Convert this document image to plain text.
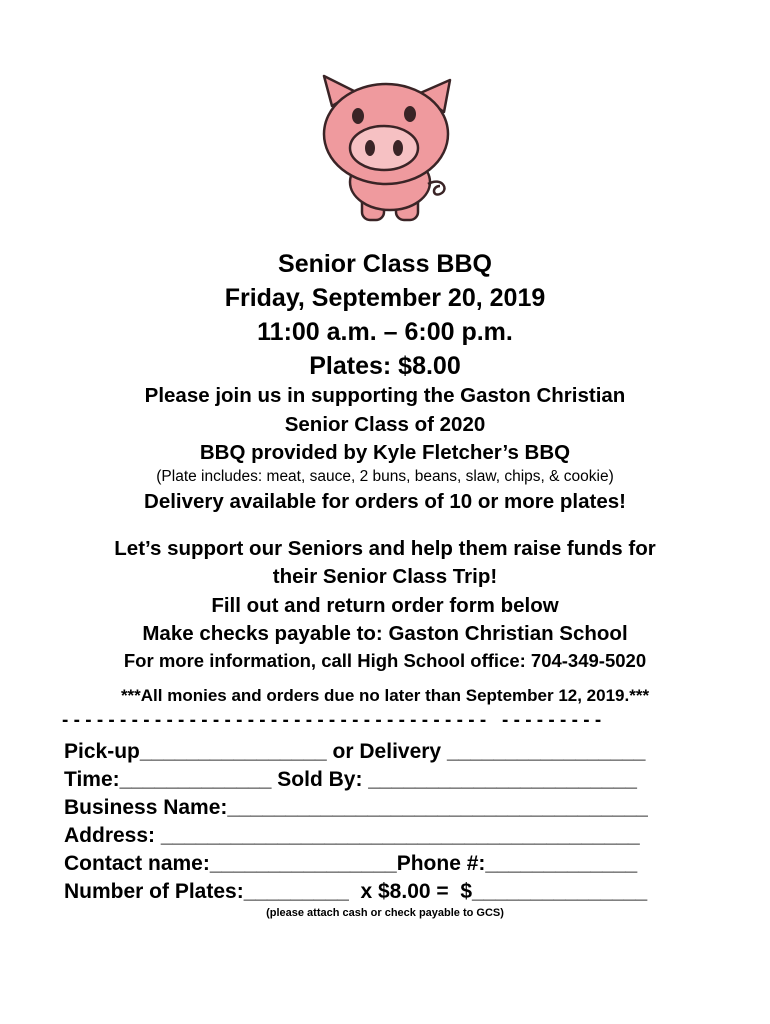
Senior Class BBQ
Friday, September 20, 2019
11:00 a.m. – 6:00 p.m.
Plates: $8.00
Please join us in supporting the Gaston Christian
Senior Class of 2020
BBQ provided by Kyle Fletcher’s BBQ
(Plate includes: meat, sauce, 2 buns, beans, slaw, chips, & cookie)
Delivery available for orders of 10 or more plates!
Let’s support our Seniors and help them raise funds for
their Senior Class Trip!
Fill out and return order form below
Make checks payable to: Gaston Christian School
For more information, call High School office: 704-349-5020
***All monies and orders due no later than September 12, 2019.***
- - - - - - - - - - - - - - - - - - - - - - - - - - - - - - - - - - - - -   - - - - - - - - -
Pick-up________________ or Delivery _________________
Time:_____________ Sold By: _______________________
Business Name:____________________________________
Address: _________________________________________
Contact name:________________Phone #:_____________
Number of Plates:_________  x $8.00 =  $_______________
(please attach cash or check payable to GCS)
